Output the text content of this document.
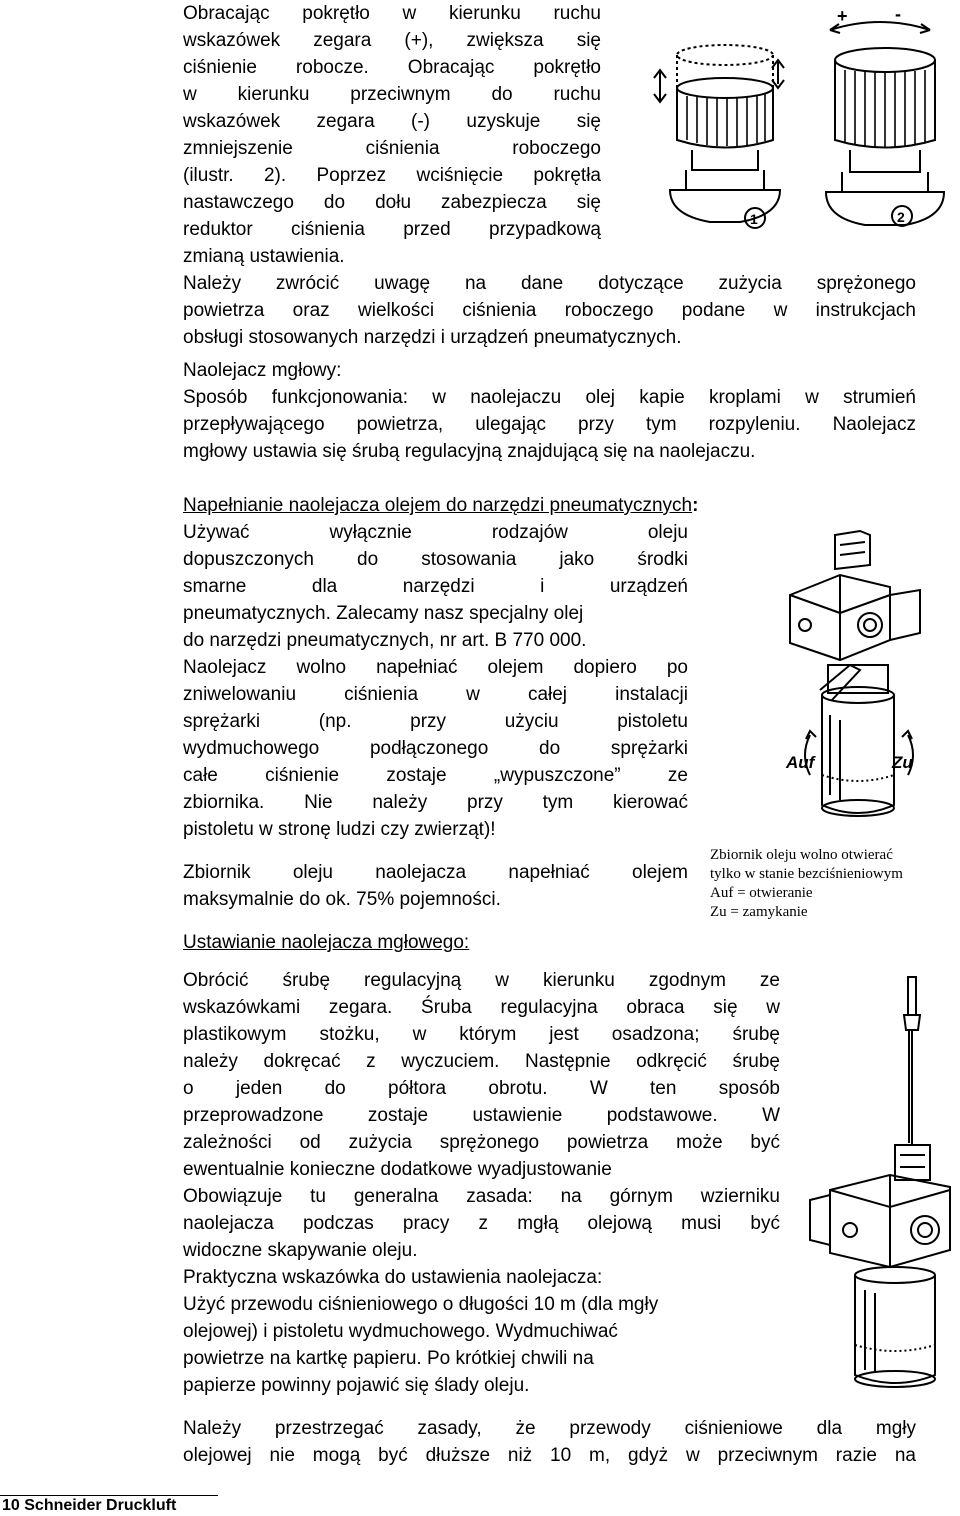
Obracając pokrętło w kierunku ruchu
wskazówek zegara (+), zwiększa się
ciśnienie robocze. Obracając pokrętło
w kierunku przeciwnym do ruchu
wskazówek zegara (-) uzyskuje się
zmniejszenie ciśnienia roboczego
(ilustr. 2). Poprzez wciśnięcie pokrętła
nastawczego do dołu zabezpiecza się
reduktor ciśnienia przed przypadkową
zmianą ustawienia.
+	-
1	2
Należy zwrócić uwagę na dane dotyczące zużycia sprężonego
powietrza oraz wielkości ciśnienia roboczego podane w instrukcjach
obsługi stosowanych narzędzi i urządzeń pneumatycznych.
Naolejacz mgłowy:
Sposób funkcjonowania: w naolejaczu olej kapie kroplami w strumień
przepływającego powietrza, ulegając przy tym rozpyleniu. Naolejacz
mgłowy ustawia się śrubą regulacyjną znajdującą się na naolejaczu.
Napełnianie naolejacza olejem do narzędzi pneumatycznych:
Używać wyłącznie rodzajów oleju
dopuszczonych do stosowania jako środki
smarne dla narzędzi i urządzeń
pneumatycznych. Zalecamy nasz specjalny olej
do narzędzi pneumatycznych, nr art. B 770 000.
Naolejacz wolno napełniać olejem dopiero po
zniwelowaniu ciśnienia w całej instalacji
sprężarki (np. przy użyciu pistoletu
wydmuchowego podłączonego do sprężarki
całe ciśnienie zostaje „wypuszczone” ze
zbiornika. Nie należy przy tym kierować
pistoletu w stronę ludzi czy zwierząt)!
Zbiornik oleju naolejacza napełniać olejem
maksymalnie do ok. 75% pojemności.
Auf	Zu
Zbiornik oleju wolno otwierać
tylko w stanie bezciśnieniowym
Auf = otwieranie
Zu = zamykanie
Ustawianie naolejacza mgłowego:
Obrócić śrubę regulacyjną w kierunku zgodnym ze
wskazówkami zegara. Śruba regulacyjna obraca się w
plastikowym stożku, w którym jest osadzona; śrubę
należy dokręcać z wyczuciem. Następnie odkręcić śrubę
o jeden do półtora obrotu. W ten sposób
przeprowadzone zostaje ustawienie podstawowe. W
zależności od zużycia sprężonego powietrza może być
ewentualnie konieczne dodatkowe wyadjustowanie
Obowiązuje tu generalna zasada: na górnym wzierniku
naolejacza podczas pracy z mgłą olejową musi być
widoczne skapywanie oleju.
Praktyczna wskazówka do ustawienia naolejacza:
Użyć przewodu ciśnieniowego o długości 10 m (dla mgły
olejowej) i pistoletu wydmuchowego. Wydmuchiwać
powietrze na kartkę papieru. Po krótkiej chwili na
papierze powinny pojawić się ślady oleju.
Należy przestrzegać zasady, że przewody ciśnieniowe dla mgły
olejowej nie mogą być dłuższe niż 10 m, gdyż w przeciwnym razie na
10 Schneider Druckluft
